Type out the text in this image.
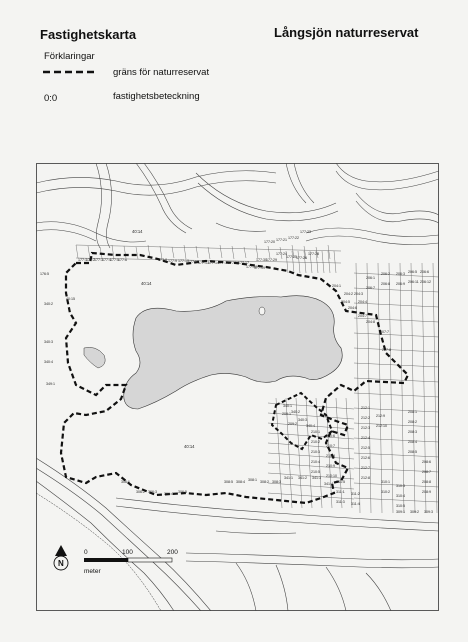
Fastighetskarta	Långsjön naturreservat
Förklaringar
gräns för naturreservat
0:0	fastighetsbeteckning
40:14
40:14
40:14
40:15
176:5
340:2
340:3
340:4
349:1
177:1 177:2 177:3 177:4 177:5 177:6	177:8 177:9 177:10 177:12 177:13 177:14 177:15 177:16 177:17
177:18
177:19
177:20 177:21 177:22
177:23
177:24
177:25 177:26
177:28
177:29
177:30
204:1
204:2 204:3
204:4
204:5
204:6
204:7
204:8
207:7
207:8
206:1
206:2 206:3 206:5 206:6
206:7
206:8 206:9 206:11 206:12
340:1
340:2
340:3
340:4
212:1
212:2
212:3
212:4
212:5
212:6
212:7
212:8
212:9
212:10
210:1
210:2
210:3
210:4
210:5
210:6
210:7
210:8
210:9
210:10
310:1
310:2
310:3
310:4
310:5
311:1 311:2
311:3 311:4
208:1
208:2
208:3
208:4
208:5
208:6
208:7
208:8
208:9
209:1
209:2
309:1 309:2 309:3
341:1 341:2 341:3
341:4 341:5
308:1 308:2 308:3
308:4
308:5
306:1
306:2 306:3 306:4 306:5
0	100	200
meter
N
